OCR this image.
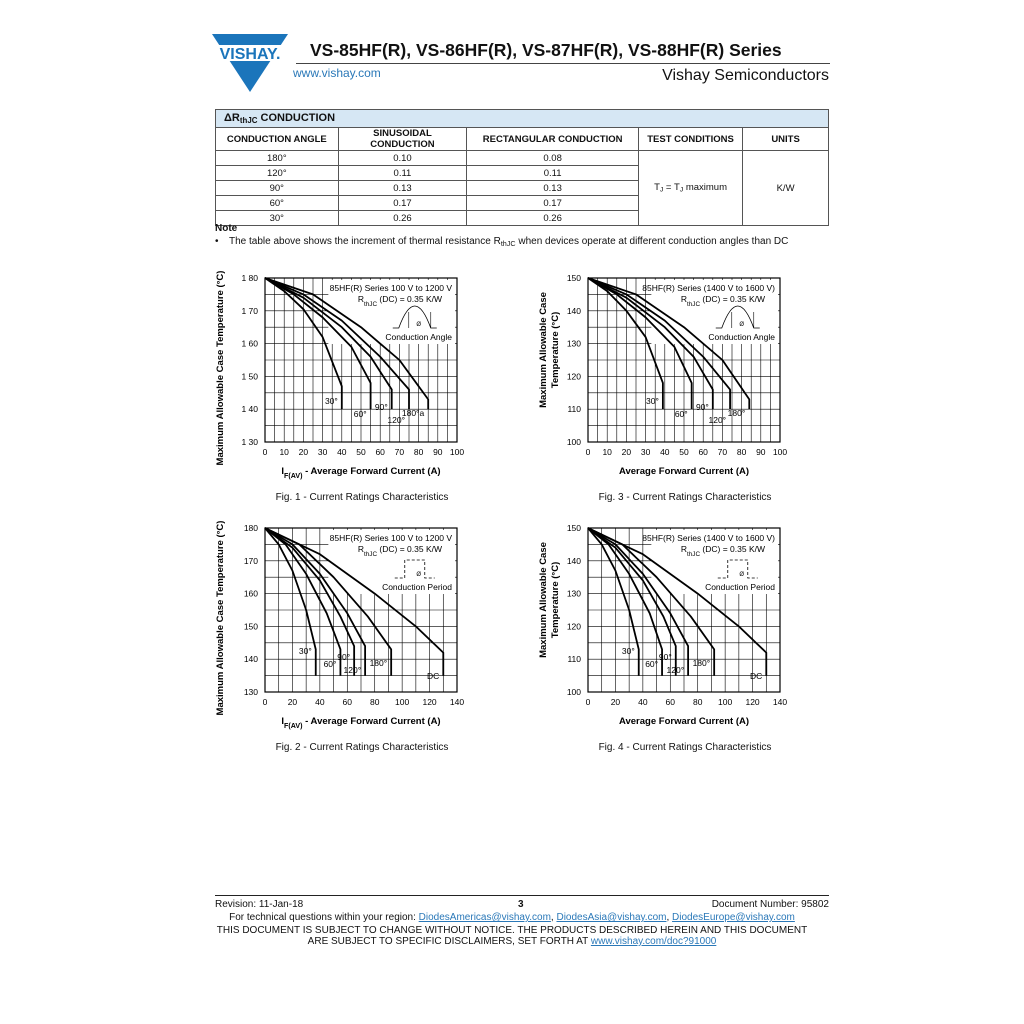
VISHAY. VS-85HF(R), VS-86HF(R), VS-87HF(R), VS-88HF(R) Series
www.vishay.com	Vishay Semiconductors
$\Delta R_{thJC}$ CONDUCTION				
CONDUCTION ANGLE	SINUSOIDAL CONDUCTION	RECTANGULAR CONDUCTION	TEST CONDITIONS	UNITS
180°	0.10	0.08	$T_J = T_J$ maximum	K/W
120°	0.11	0.11		
90°	0.13	0.13		
60°	0.17	0.17		
30°	0.26	0.26		
Note
• The table above shows the increment of thermal resistance $R_{thJC}$ when devices operate at different conduction angles than DC
85HF(R) Series 100 V to 1200 V
$R_{thJC}$ (DC) = 0.35 K/W
Ø
Conduction Angle
30°
60°
90°
120°
180°a
0 10 20 30 40 50 60 70 80 90 100
1 30
1 40
1 50
1 60
1 70
1 80
$I_{F(AV)}$ - Average Forward Current (A)
Maximum Allowable Case Temperature (°C)
Fig. 1 - Current Ratings Characteristics
85HF(R) Series 100 V to 1200 V
$R_{thJC}$ (DC) = 0.35 K/W
Ø
Conduction Period
30°
60°
90°
120°
180°
DC
0 20 40 60 80 100 120 140
130
140
150
160
170
180
$I_{F(AV)}$ - Average Forward Current (A)
Maximum Allowable Case Temperature (°C)
Fig. 2 - Current Ratings Characteristics
85HF(R) Series (1400 V to 1600 V)
$R_{thJC}$ (DC) = 0.35 K/W
Ø
Conduction Angle
30°
60°
90°
120°
180°
0 10 20 30 40 50 60 70 80 90 100
100
110
120
130
140
150
Average Forward Current (A)
Maximum Allowable Case Temperature (°C)
Fig. 3 - Current Ratings Characteristics
85HF(R) Series (1400 V to 1600 V)
$R_{thJC}$ (DC) = 0.35 K/W
Ø
Conduction Period
30°
60°
90°
120°
180°
DC
0 20 40 60 80 100 120 140
100
110
120
130
140
150
Average Forward Current (A)
Maximum Allowable Case Temperature (°C)
Fig. 4 - Current Ratings Characteristics
Revision: 11-Jan-18	3	Document Number: 95802
For technical questions within your region: DiodesAmericas@vishay.com, DiodesAsia@vishay.com, DiodesEurope@vishay.com
THIS DOCUMENT IS SUBJECT TO CHANGE WITHOUT NOTICE. THE PRODUCTS DESCRIBED HEREIN AND THIS DOCUMENT
ARE SUBJECT TO SPECIFIC DISCLAIMERS, SET FORTH AT www.vishay.com/doc?91000
